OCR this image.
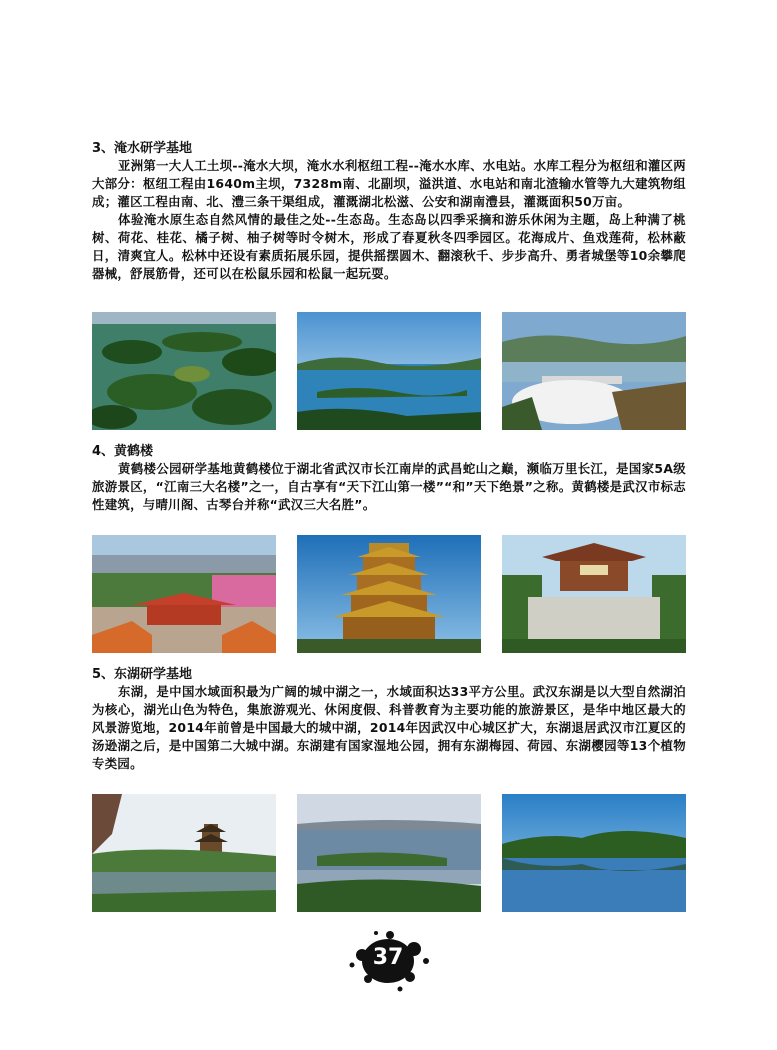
3、淹水研学基地

亚洲第一大人工土坝--淹水大坝，淹水水利枢纽工程--淹水水库、水电站。水库工程分为枢纽和灌区两大部分：枢纽工程由1640m主坝，7328m南、北副坝，溢洪道、水电站和南北渣输水管等九大建筑物组成；灌区工程由南、北、澧三条干渠组成，灌溉湖北松滋、公安和湖南澧县，灌溉面积50万亩。

体验淹水原生态自然风情的最佳之处--生态岛。生态岛以四季采摘和游乐休闲为主题，岛上种满了桃树、荷花、桂花、橘子树、柚子树等时令树木，形成了春夏秋冬四季园区。花海成片、鱼戏莲荷，松林蔽日，清爽宜人。松林中还设有素质拓展乐园，提供摇摆圆木、翻滚秋千、步步高升、勇者城堡等10余攀爬器械，舒展筋骨，还可以在松鼠乐园和松鼠一起玩耍。

4、黄鹤楼

黄鹤楼公园研学基地黄鹤楼位于湖北省武汉市长江南岸的武昌蛇山之巅，濒临万里长江，是国家5A级旅游景区，“江南三大名楼”之一，自古享有“天下江山第一楼”“和”天下绝景”之称。黄鹤楼是武汉市标志性建筑，与晴川阁、古琴台并称“武汉三大名胜”。

5、东湖研学基地

东湖，是中国水域面积最为广阔的城中湖之一，水域面积达33平方公里。武汉东湖是以大型自然湖泊为核心，湖光山色为特色，集旅游观光、休闲度假、科普教育为主要功能的旅游景区，是华中地区最大的风景游览地，2014年前曾是中国最大的城中湖，2014年因武汉中心城区扩大，东湖退居武汉市江夏区的汤逊湖之后，是中国第二大城中湖。东湖建有国家湿地公园，拥有东湖梅园、荷园、东湖樱园等13个植物专类园。

37
